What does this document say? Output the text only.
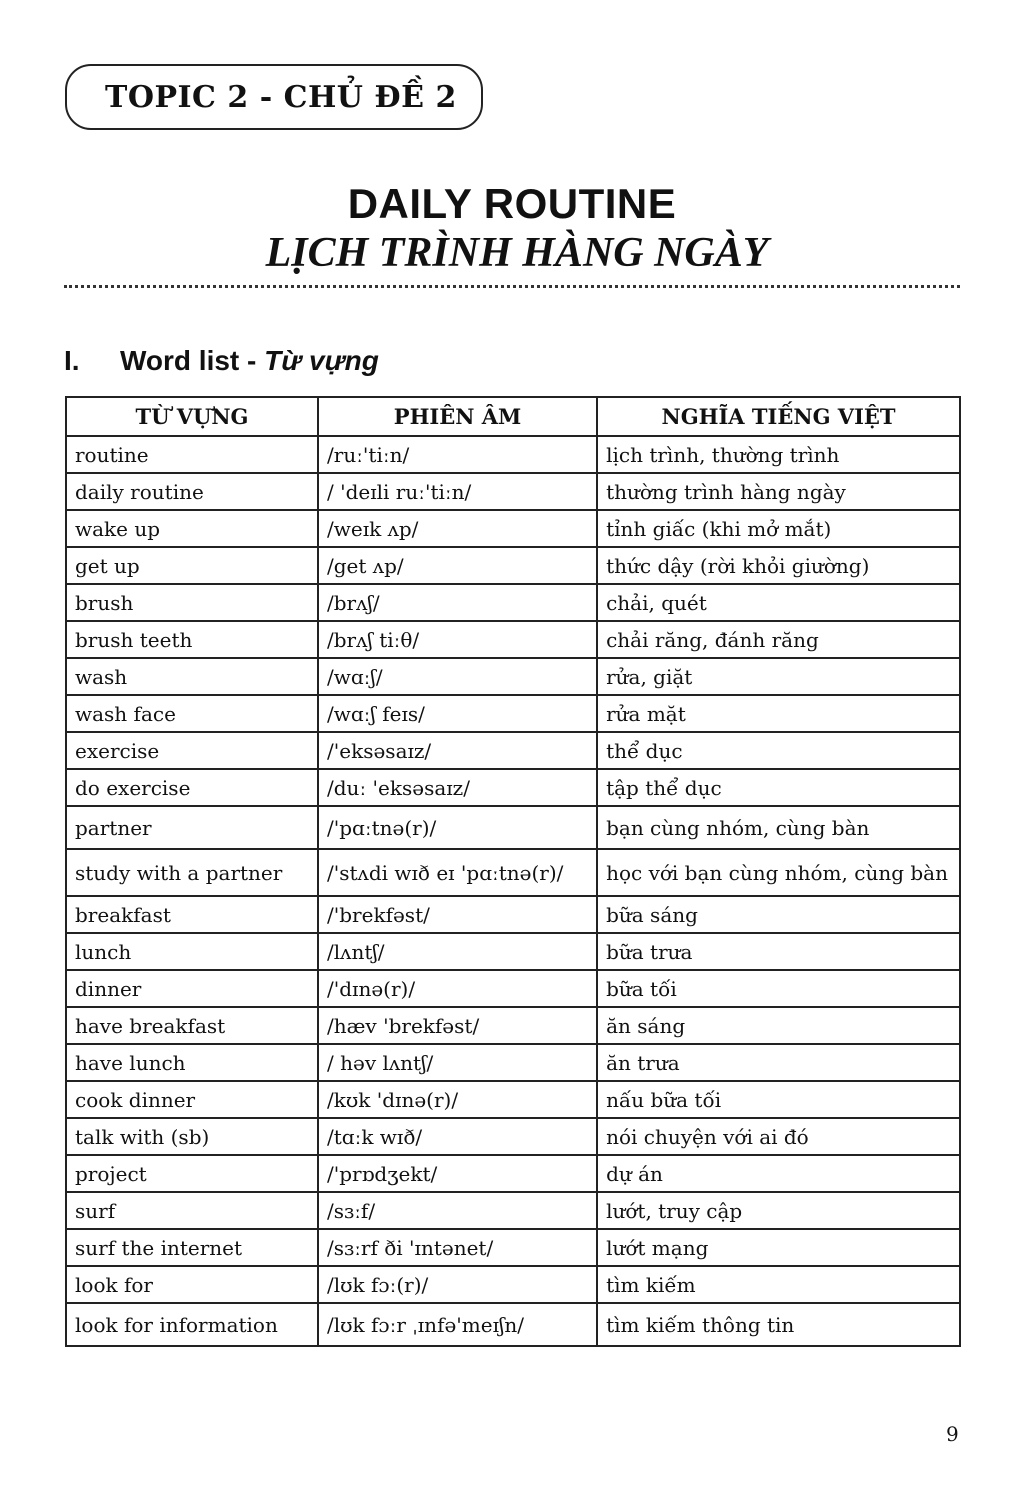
TOPIC 2 - CHỦ ĐỀ 2
DAILY ROUTINE
LỊCH TRÌNH HÀNG NGÀY
I. Word list - Từ vựng
TỪ VỰNG	PHIÊN ÂM	NGHĨA TIẾNG VIỆT
routine	/ruː'tiːn/	lịch trình, thường trình
daily routine	/ 'deɪli ruː'tiːn/	thường trình hàng ngày
wake up	/weɪk ʌp/	tỉnh giấc (khi mở mắt)
get up	/get ʌp/	thức dậy (rời khỏi giường)
brush	/brʌʃ/	chải, quét
brush teeth	/brʌʃ tiːθ/	chải răng, đánh răng
wash	/wɑːʃ/	rửa, giặt
wash face	/wɑːʃ feɪs/	rửa mặt
exercise	/'eksəsaɪz/	thể dục
do exercise	/duː 'eksəsaɪz/	tập thể dục
partner	/'pɑːtnə(r)/	bạn cùng nhóm, cùng bàn
study with a partner	/'stʌdi wɪð eɪ 'pɑːtnə(r)/	học với bạn cùng nhóm, cùng bàn
breakfast	/'brekfəst/	bữa sáng
lunch	/lʌntʃ/	bữa trưa
dinner	/'dɪnə(r)/	bữa tối
have breakfast	/hæv 'brekfəst/	ăn sáng
have lunch	/ həv lʌntʃ/	ăn trưa
cook dinner	/kʊk 'dɪnə(r)/	nấu bữa tối
talk with (sb)	/tɑːk wɪð/	nói chuyện với ai đó
project	/'prɒdʒekt/	dự án
surf	/sɜːf/	lướt, truy cập
surf the internet	/sɜːrf ði 'ɪntənet/	lướt mạng
look for	/lʊk fɔː(r)/	tìm kiếm
look for information	/lʊk fɔːr ˌɪnfə'meɪʃn/	tìm kiếm thông tin
9
